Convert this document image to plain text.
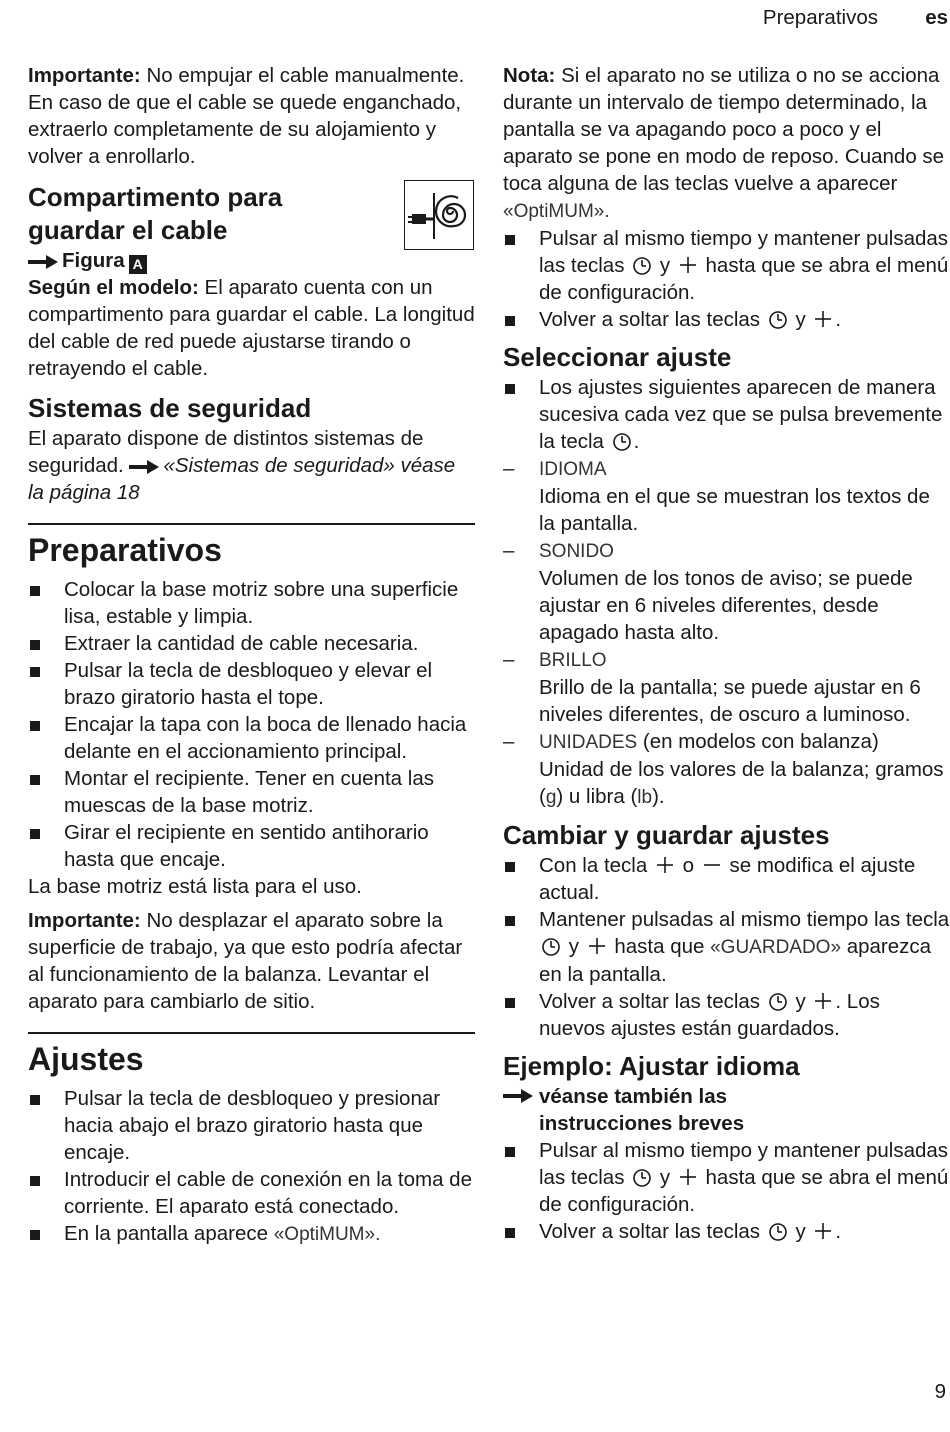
Preparativos es

Importante: No empujar el cable manualmente. En caso de que el cable se quede enganchado, extraerlo completamente de su alojamiento y volver a enrollarlo.

Compartimento para guardar el cable

Figura A

Según el modelo: El aparato cuenta con un compartimento para guardar el cable. La longitud del cable de red puede ajustarse tirando o retrayendo el cable.

Sistemas de seguridad

El aparato dispone de distintos sistemas de seguridad. «Sistemas de seguridad» véase la página 18

Preparativos
Colocar la base motriz sobre una superficie lisa, estable y limpia.
Extraer la cantidad de cable necesaria.
Pulsar la tecla de desbloqueo y elevar el brazo giratorio hasta el tope.
Encajar la tapa con la boca de llenado hacia delante en el accionamiento principal.
Montar el recipiente. Tener en cuenta las muescas de la base motriz.
Girar el recipiente en sentido antihorario hasta que encaje.

La base motriz está lista para el uso.

Importante: No desplazar el aparato sobre la superficie de trabajo, ya que esto podría afectar al funcionamiento de la balanza. Levantar el aparato para cambiarlo de sitio.

Ajustes
Pulsar la tecla de desbloqueo y presionar hacia abajo el brazo giratorio hasta que encaje.
Introducir el cable de conexión en la toma de corriente. El aparato está conectado.
En la pantalla aparece «OptiMUM».

Nota: Si el aparato no se utiliza o no se acciona durante un intervalo de tiempo determinado, la pantalla se va apagando poco a poco y el aparato se pone en modo de reposo. Cuando se toca alguna de las teclas vuelve a aparecer «OptiMUM».

Pulsar al mismo tiempo y mantener pulsadas las teclas y hasta que se abra el menú de configuración.
Volver a soltar las teclas y .
Seleccionar ajuste
Los ajustes siguientes aparecen de manera sucesiva cada vez que se pulsa brevemente la tecla .
– IDIOMA
Idioma en el que se muestran los textos de la pantalla.
– SONIDO
Volumen de los tonos de aviso; se puede ajustar en 6 niveles diferentes, desde apagado hasta alto.
– BRILLO
Brillo de la pantalla; se puede ajustar en 6 niveles diferentes, de oscuro a luminoso.
– UNIDADES (en modelos con balanza)
Unidad de los valores de la balanza; gramos (g) u libra (lb).
Cambiar y guardar ajustes
Con la tecla o se modifica el ajuste actual.
Mantener pulsadas al mismo tiempo las tecla
y hasta que «GUARDADO» aparezca en la pantalla.
Volver a soltar las teclas y . Los nuevos ajustes están guardados.
Ejemplo: Ajustar idioma

véanse también las instrucciones breves

Pulsar al mismo tiempo y mantener pulsadas las teclas y hasta que se abra el menú de configuración.
Volver a soltar las teclas y .
9
